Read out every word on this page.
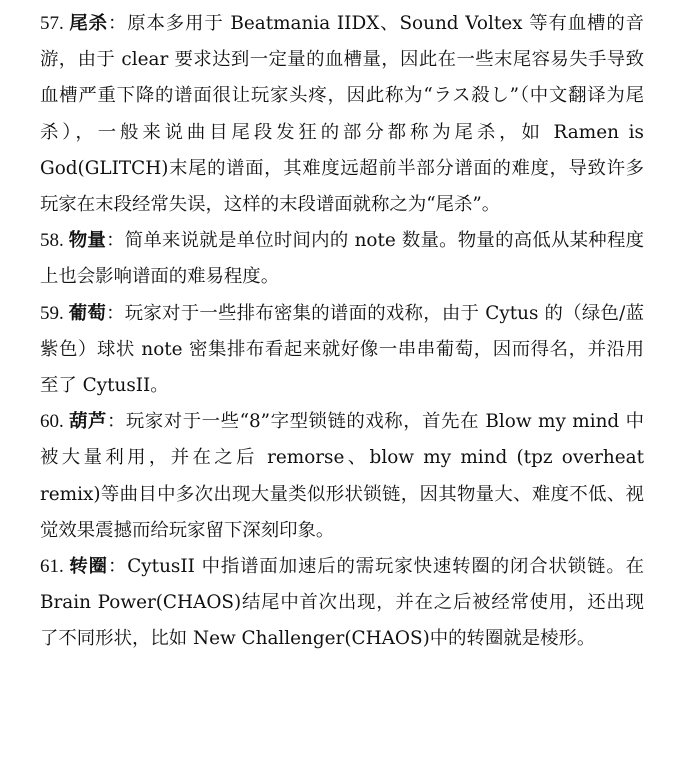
57. 尾杀：原本多用于 Beatmania IIDX、Sound Voltex 等有血槽的音游，由于 clear 要求达到一定量的血槽量，因此在一些末尾容易失手导致血槽严重下降的谱面很让玩家头疼，因此称为“ラス殺し”（中文翻译为尾杀），一般来说曲目尾段发狂的部分都称为尾杀，如 Ramen is God(GLITCH)末尾的谱面，其难度远超前半部分谱面的难度，导致许多玩家在末段经常失误，这样的末段谱面就称之为“尾杀”。

58. 物量：简单来说就是单位时间内的 note 数量。物量的高低从某种程度上也会影响谱面的难易程度。

59. 葡萄：玩家对于一些排布密集的谱面的戏称，由于 Cytus 的（绿色/蓝紫色）球状 note 密集排布看起来就好像一串串葡萄，因而得名，并沿用至了 CytusII。

60. 葫芦：玩家对于一些“8”字型锁链的戏称，首先在 Blow my mind 中被大量利用，并在之后 remorse、blow my mind (tpz overheat remix)等曲目中多次出现大量类似形状锁链，因其物量大、难度不低、视觉效果震撼而给玩家留下深刻印象。

61. 转圈：CytusII 中指谱面加速后的需玩家快速转圈的闭合状锁链。在 Brain Power(CHAOS)结尾中首次出现，并在之后被经常使用，还出现了不同形状，比如 New Challenger(CHAOS)中的转圈就是棱形。
